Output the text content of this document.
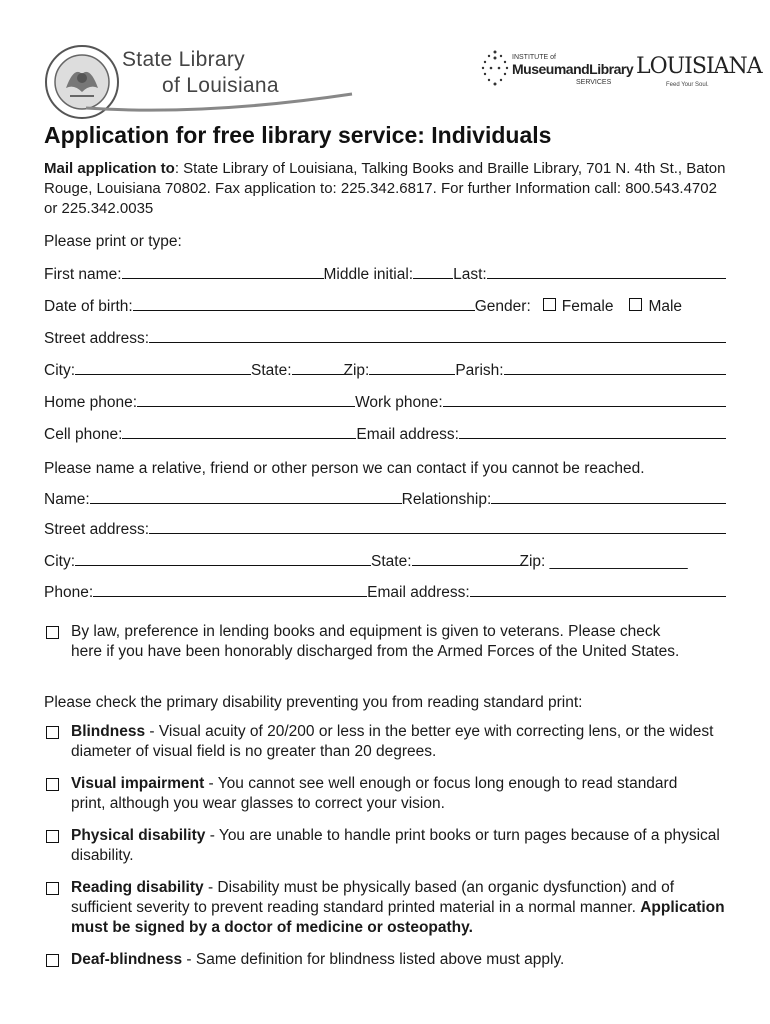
State Library
of Louisiana
INSTITUTE of
MuseumandLibrary
SERVICES
LOUISIANA
Feed Your Soul.
Application for free library service: Individuals
Mail application to: State Library of Louisiana, Talking Books and Braille Library, 701 N. 4th St., Baton Rouge, Louisiana 70802. Fax application to: 225.342.6817. For further Information call: 800.543.4702 or 225.342.0035
Please print or type:
First name:	Middle initial:	Last:
Date of birth:	Gender: Female Male
Street address:
City:	State:	Zip:	Parish:
Home phone:	Work phone:
Cell phone:	Email address:
Please name a relative, friend or other person we can contact if you cannot be reached.
Name:	Relationship:
Street address:
City:	State:	Zip: ________________
Phone:	Email address:
By law, preference in lending books and equipment is given to veterans. Please check here if you have been honorably discharged from the Armed Forces of the United States.
Please check the primary disability preventing you from reading standard print:
Blindness - Visual acuity of 20/200 or less in the better eye with correcting lens, or the widest diameter of visual field is no greater than 20 degrees.
Visual impairment - You cannot see well enough or focus long enough to read standard print, although you wear glasses to correct your vision.
Physical disability - You are unable to handle print books or turn pages because of a physical disability.
Reading disability - Disability must be physically based (an organic dysfunction) and of sufficient severity to prevent reading standard printed material in a normal manner. Application must be signed by a doctor of medicine or osteopathy.
Deaf-blindness - Same definition for blindness listed above must apply.
